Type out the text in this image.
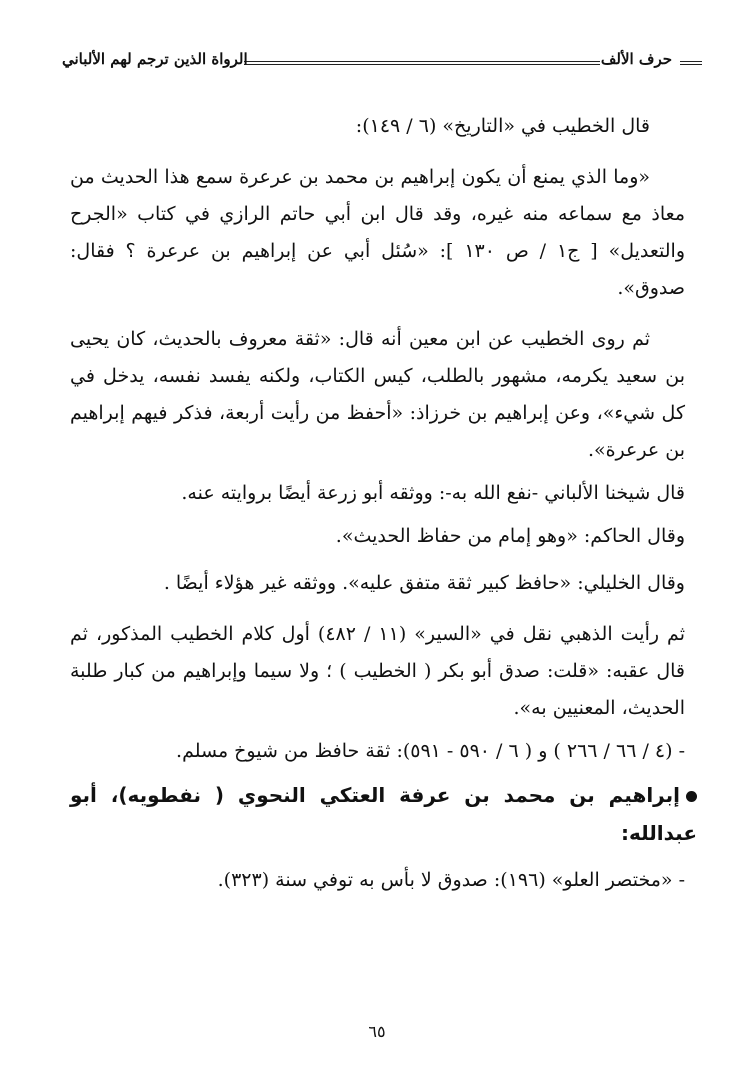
حرف الألف
الرواة الذين ترجم لهم الألباني

قال الخطيب في «التاريخ» (٦ / ١٤٩):

«وما الذي يمنع أن يكون إبراهيم بن محمد بن عرعرة سمع هذا الحديث من معاذ مع سماعه منه غيره، وقد قال ابن أبي حاتم الرازي في كتاب «الجرح والتعديل» [ ج١ / ص ١٣٠ ]: «سُئل أبي عن إبراهيم بن عرعرة ؟ فقال: صدوق».

ثم روى الخطيب عن ابن معين أنه قال: «ثقة معروف بالحديث، كان يحيى بن سعيد يكرمه، مشهور بالطلب، كيس الكتاب، ولكنه يفسد نفسه، يدخل في كل شيء»، وعن إبراهيم بن خرزاذ: «أحفظ من رأيت أربعة، فذكر فيهم إبراهيم بن عرعرة».

قال شيخنا الألباني -نفع الله به-: ووثقه أبو زرعة أيضًا بروايته عنه.

وقال الحاكم: «وهو إمام من حفاظ الحديث».

وقال الخليلي: «حافظ كبير ثقة متفق عليه». ووثقه غير هؤلاء أيضًا .

ثم رأيت الذهبي نقل في «السير» (١١ / ٤٨٢) أول كلام الخطيب المذكور، ثم قال عقبه: «قلت: صدق أبو بكر ( الخطيب ) ؛ ولا سيما وإبراهيم من كبار طلبة الحديث، المعنيين به».

- (٤ / ٦٦ / ٢٦٦ ) و ( ٦ / ٥٩٠ - ٥٩١): ثقة حافظ من شيوخ مسلم.

إبراهيم بن محمد بن عرفة العتكي النحوي ( نفطويه)، أبو عبدالله:

- «مختصر العلو» (١٩٦): صدوق لا بأس به توفي سنة (٣٢٣).

٦٥
